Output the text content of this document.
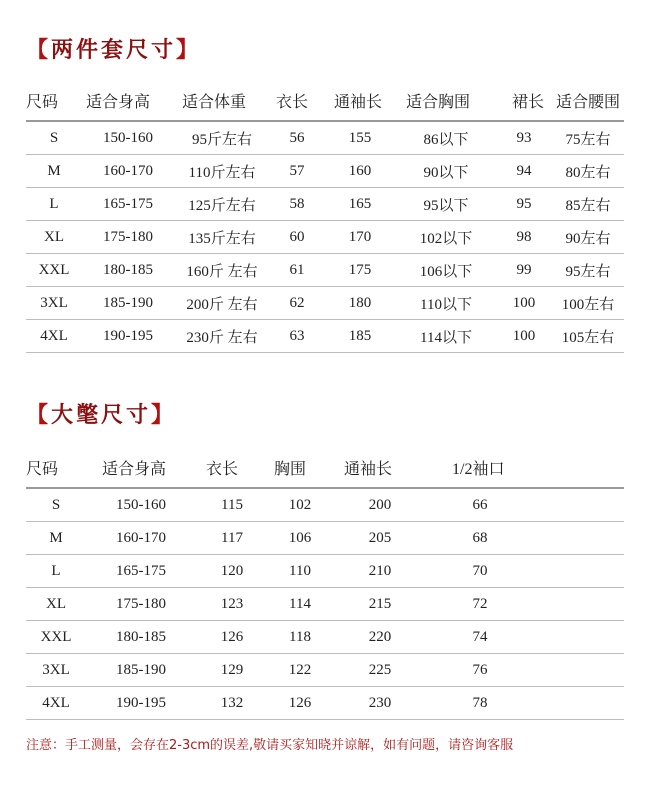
【两件套尺寸】
尺码	适合身高	适合体重	衣长	通袖长	适合胸围	裙长	适合腰围
S	150-160	95斤左右	56	155	86以下	93	75左右
M	160-170	110斤左右	57	160	90以下	94	80左右
L	165-175	125斤左右	58	165	95以下	95	85左右
XL	175-180	135斤左右	60	170	102以下	98	90左右
XXL	180-185	160斤 左右	61	175	106以下	99	95左右
3XL	185-190	200斤 左右	62	180	110以下	100	100左右
4XL	190-195	230斤 左右	63	185	114以下	100	105左右
【大氅尺寸】
尺码	适合身高	衣长	胸围	通袖长	1/2袖口	
S	150-160	115	102	200	66	
M	160-170	117	106	205	68	
L	165-175	120	110	210	70	
XL	175-180	123	114	215	72	
XXL	180-185	126	118	220	74	
3XL	185-190	129	122	225	76	
4XL	190-195	132	126	230	78	
注意：手工测量，会存在2-3cm的误差,敬请买家知晓并谅解，如有问题，请咨询客服
